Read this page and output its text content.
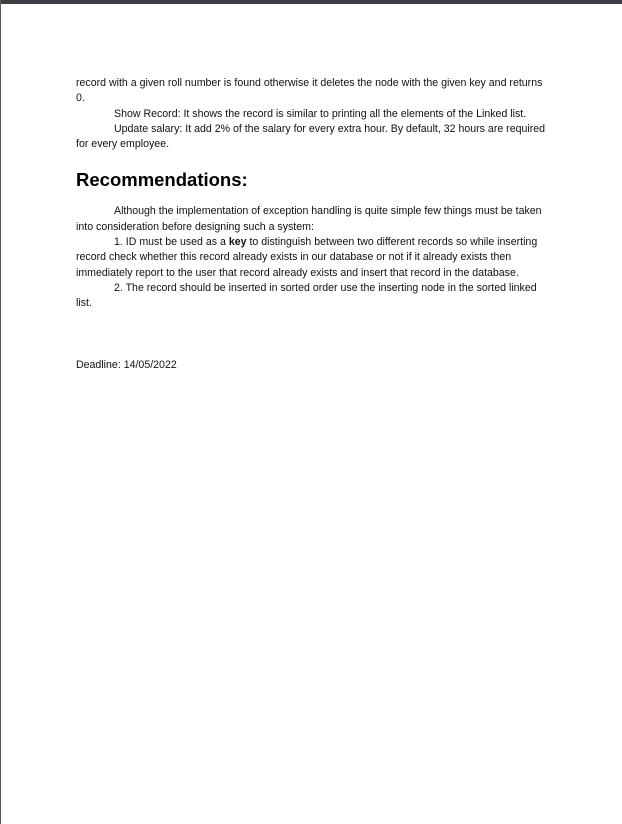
record with a given roll number is found otherwise it deletes the node with the given key and returns 0.

Show Record: It shows the record is similar to printing all the elements of the Linked list.

Update salary: It add 2% of the salary for every extra hour. By default, 32 hours are required for every employee.

Recommendations:

Although the implementation of exception handling is quite simple few things must be taken into consideration before designing such a system:

1. ID must be used as a key to distinguish between two different records so while inserting record check whether this record already exists in our database or not if it already exists then immediately report to the user that record already exists and insert that record in the database.

2. The record should be inserted in sorted order use the inserting node in the sorted linked list.

Deadline: 14/05/2022
